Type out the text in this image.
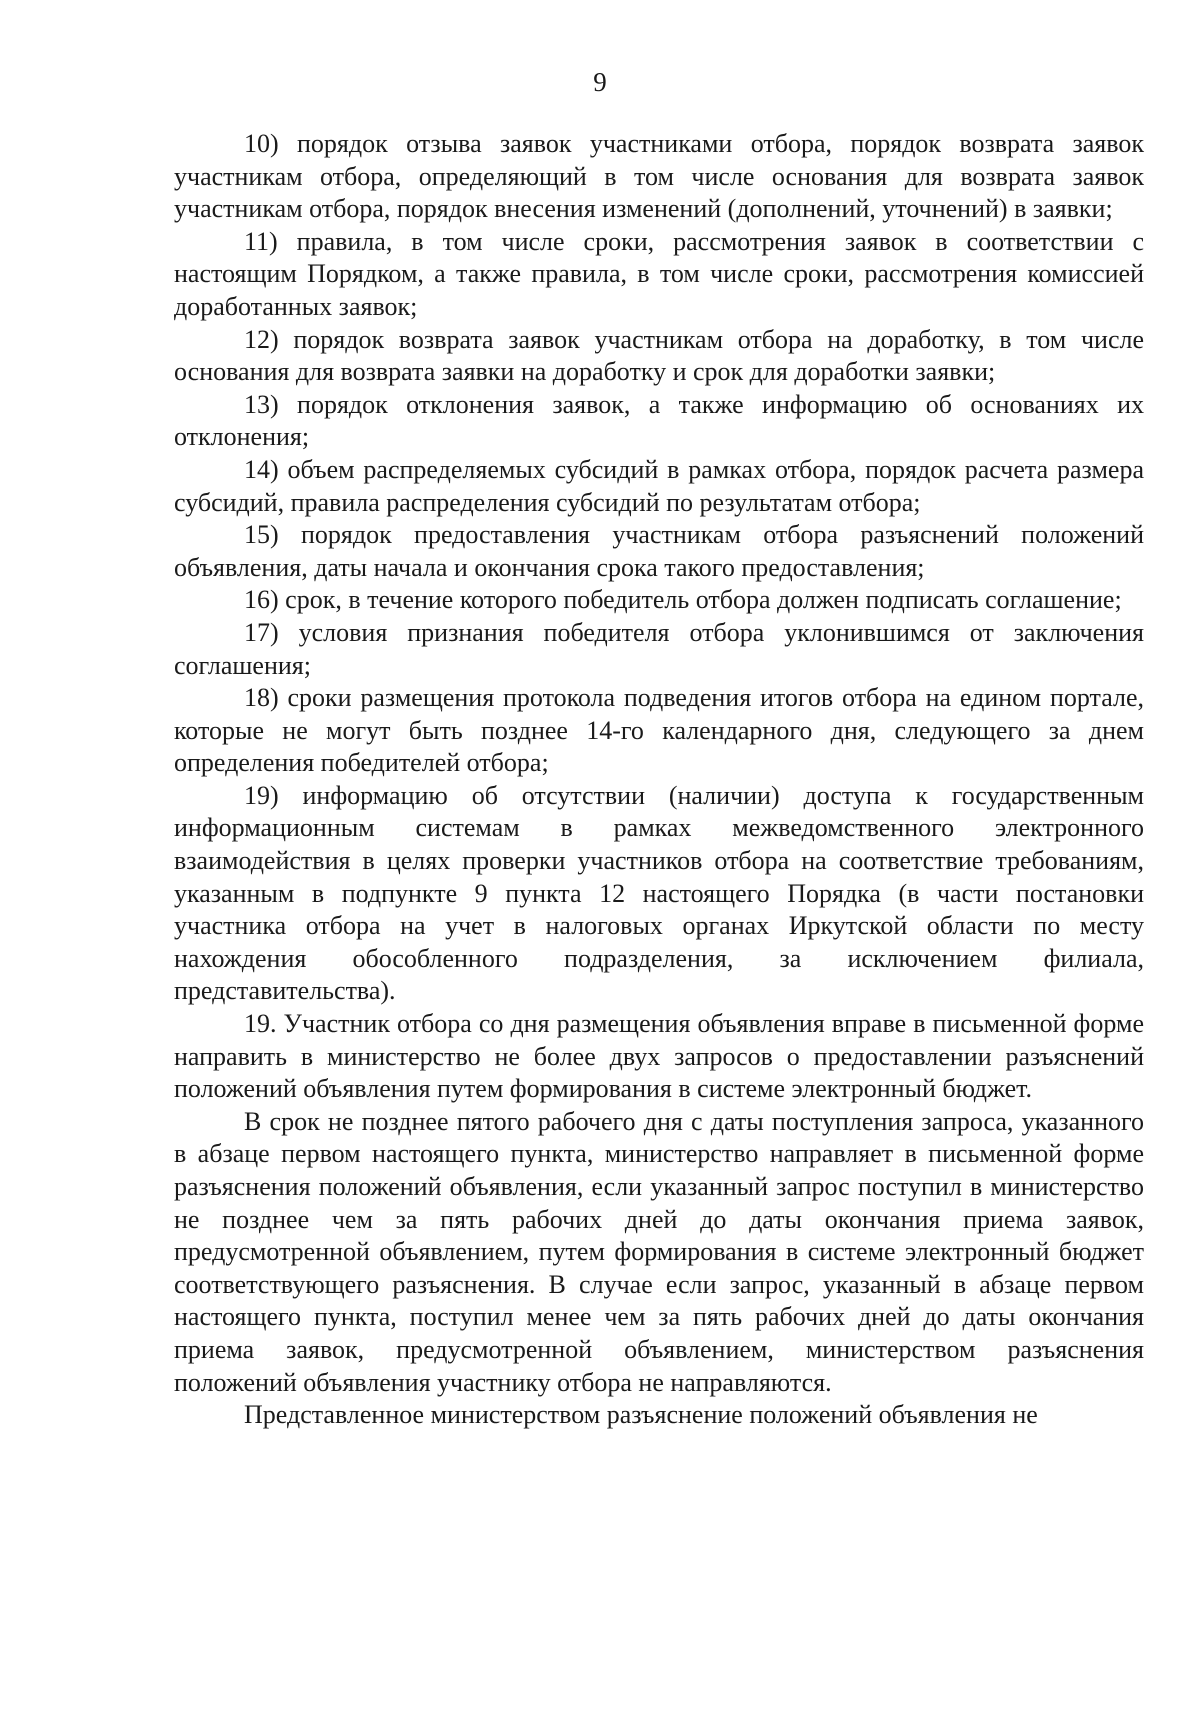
9

10) порядок отзыва заявок участниками отбора, порядок возврата заявок участникам отбора, определяющий в том числе основания для возврата заявок участникам отбора, порядок внесения изменений (дополнений, уточнений) в заявки;

11) правила, в том числе сроки, рассмотрения заявок в соответствии с настоящим Порядком, а также правила, в том числе сроки, рассмотрения комиссией доработанных заявок;

12) порядок возврата заявок участникам отбора на доработку, в том числе основания для возврата заявки на доработку и срок для доработки заявки;

13) порядок отклонения заявок, а также информацию об основаниях их отклонения;

14) объем распределяемых субсидий в рамках отбора, порядок расчета размера субсидий, правила распределения субсидий по результатам отбора;

15) порядок предоставления участникам отбора разъяснений положений объявления, даты начала и окончания срока такого предоставления;

16) срок, в течение которого победитель отбора должен подписать соглашение;

17) условия признания победителя отбора уклонившимся от заключения соглашения;

18) сроки размещения протокола подведения итогов отбора на едином портале, которые не могут быть позднее 14-го календарного дня, следующего за днем определения победителей отбора;

19) информацию об отсутствии (наличии) доступа к государственным информационным системам в рамках межведомственного электронного взаимодействия в целях проверки участников отбора на соответствие требованиям, указанным в подпункте 9 пункта 12 настоящего Порядка (в части постановки участника отбора на учет в налоговых органах Иркутской области по месту нахождения обособленного подразделения, за исключением филиала, представительства).

19. Участник отбора со дня размещения объявления вправе в письменной форме направить в министерство не более двух запросов о предоставлении разъяснений положений объявления путем формирования в системе электронный бюджет.

В срок не позднее пятого рабочего дня с даты поступления запроса, указанного в абзаце первом настоящего пункта, министерство направляет в письменной форме разъяснения положений объявления, если указанный запрос поступил в министерство не позднее чем за пять рабочих дней до даты окончания приема заявок, предусмотренной объявлением, путем формирования в системе электронный бюджет соответствующего разъяснения. В случае если запрос, указанный в абзаце первом настоящего пункта, поступил менее чем за пять рабочих дней до даты окончания приема заявок, предусмотренной объявлением, министерством разъяснения положений объявления участнику отбора не направляются.

Представленное министерством разъяснение положений объявления не
